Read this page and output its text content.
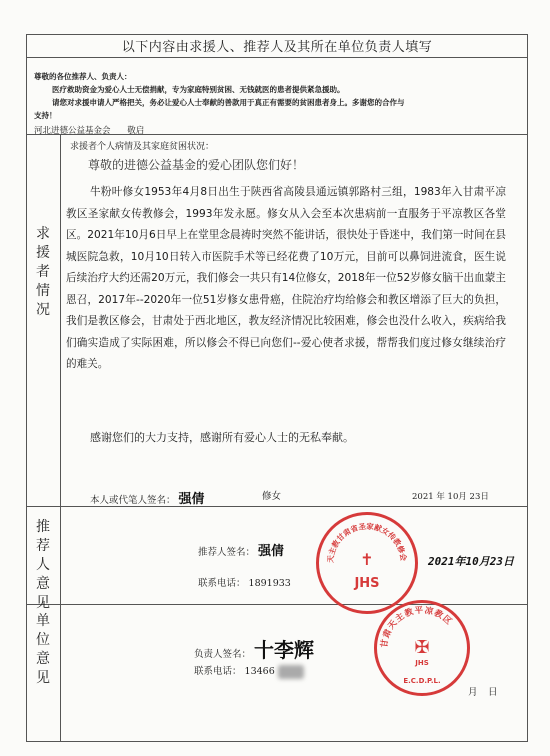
以下内容由求援人、推荐人及其所在单位负责人填写

尊敬的各位推荐人、负责人：

医疗救助资金为爱心人士无偿捐献，专为家庭特别贫困、无钱就医的患者提供紧急援助。

请您对求援申请人严格把关，务必让爱心人士奉献的善款用于真正有需要的贫困患者身上。多谢您的合作与

支持！

河北进德公益基金会 敬启
求援者情况
推荐人意见
单位意见
求援者个人病情及其家庭贫困状况：
尊敬的进德公益基金的爱心团队您们好！
牛粉叶修女1953年4月8日出生于陕西省高陵县通远镇郭路村三组，1983年入甘肃平凉教区圣家献女传教修会，1993年发永愿。修女从入会至本次患病前一直服务于平凉教区各堂区。2021年10月6日早上在堂里念晨祷时突然不能讲话，很快处于昏迷中，我们第一时间在县城医院急救，10月10日转入市医院手术等已经花费了10万元，目前可以鼻饲进流食，医生说后续治疗大约还需20万元，我们修会一共只有14位修女，2018年一位52岁修女脑干出血蒙主恩召，2017年--2020年一位51岁修女患骨癌，住院治疗均给修会和教区增添了巨大的负担，我们是教区修会，甘肃处于西北地区，教友经济情况比较困难，修会也没什么收入，疾病给我们确实造成了实际困难，所以修会不得已向您们--爱心使者求援，帮帮我们度过修女继续治疗的难关。
感谢您们的大力支持，感谢所有爱心人士的无私奉献。
本人或代笔人签名： 强倩	修女	2021 年 10月 23日
推荐人签名： 强倩
联系电话： 1891933
2021年10月23日
负责人签名： 十李辉
联系电话： 13466
月 日
天主教甘肃省圣家献女传教修会
✝
JHS
甘肃天主教平凉教区
✠
JHS
E.C.D.P.L.
